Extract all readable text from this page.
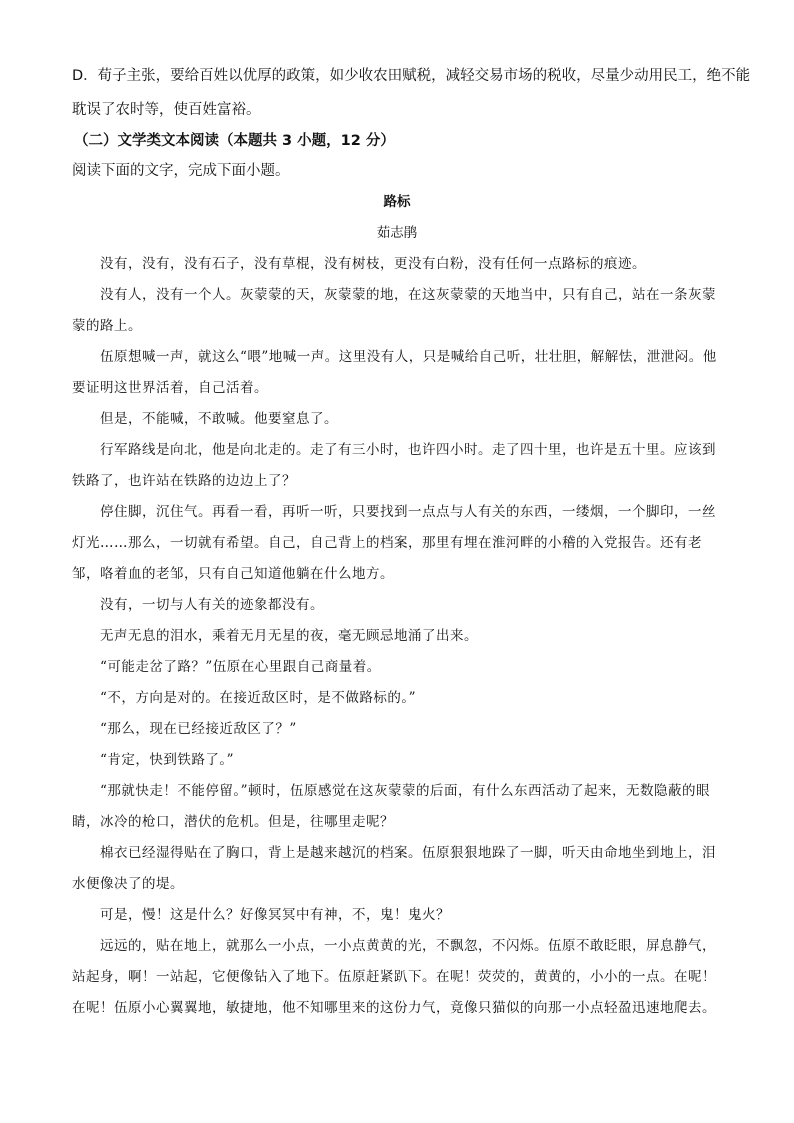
D．荀子主张，要给百姓以优厚的政策，如少收农田赋税，减轻交易市场的税收，尽量少动用民工，绝不能
耽误了农时等，使百姓富裕。
（二）文学类文本阅读（本题共 3 小题，12 分）
阅读下面的文字，完成下面小题。
路标
茹志鹃
没有，没有，没有石子，没有草棍，没有树枝，更没有白粉，没有任何一点路标的痕迹。
没有人，没有一个人。灰蒙蒙的天，灰蒙蒙的地，在这灰蒙蒙的天地当中，只有自己，站在一条灰蒙蒙的路上。
伍原想喊一声，就这么“喂”地喊一声。这里没有人，只是喊给自己听，壮壮胆，解解怯，泄泄闷。他要证明这世界活着，自己活着。
但是，不能喊，不敢喊。他要窒息了。
行军路线是向北，他是向北走的。走了有三小时，也许四小时。走了四十里，也许是五十里。应该到铁路了，也许站在铁路的边边上了？
停住脚，沉住气。再看一看，再听一听，只要找到一点点与人有关的东西，一缕烟，一个脚印，一丝灯光……那么，一切就有希望。自己，自己背上的档案，那里有埋在淮河畔的小稽的入党报告。还有老邹，咯着血的老邹，只有自己知道他躺在什么地方。
没有，一切与人有关的迹象都没有。
无声无息的泪水，乘着无月无星的夜，毫无顾忌地涌了出来。
“可能走岔了路？”伍原在心里跟自己商量着。
“不，方向是对的。在接近敌区时，是不做路标的。”
“那么，现在已经接近敌区了？”
“肯定，快到铁路了。”
“那就快走！不能停留。”顿时，伍原感觉在这灰蒙蒙的后面，有什么东西活动了起来，无数隐蔽的眼睛，冰冷的枪口，潜伏的危机。但是，往哪里走呢？
棉衣已经湿得贴在了胸口，背上是越来越沉的档案。伍原狠狠地跺了一脚，听天由命地坐到地上，泪水便像决了的堤。
可是，慢！这是什么？好像冥冥中有神，不，鬼！鬼火？
远远的，贴在地上，就那么一小点，一小点黄黄的光，不飘忽，不闪烁。伍原不敢眨眼，屏息静气，站起身，啊！一站起，它便像钻入了地下。伍原赶紧趴下。在呢！荧荧的，黄黄的，小小的一点。在呢！在呢！伍原小心翼翼地，敏捷地，他不知哪里来的这份力气，竟像只猫似的向那一小点轻盈迅速地爬去。
